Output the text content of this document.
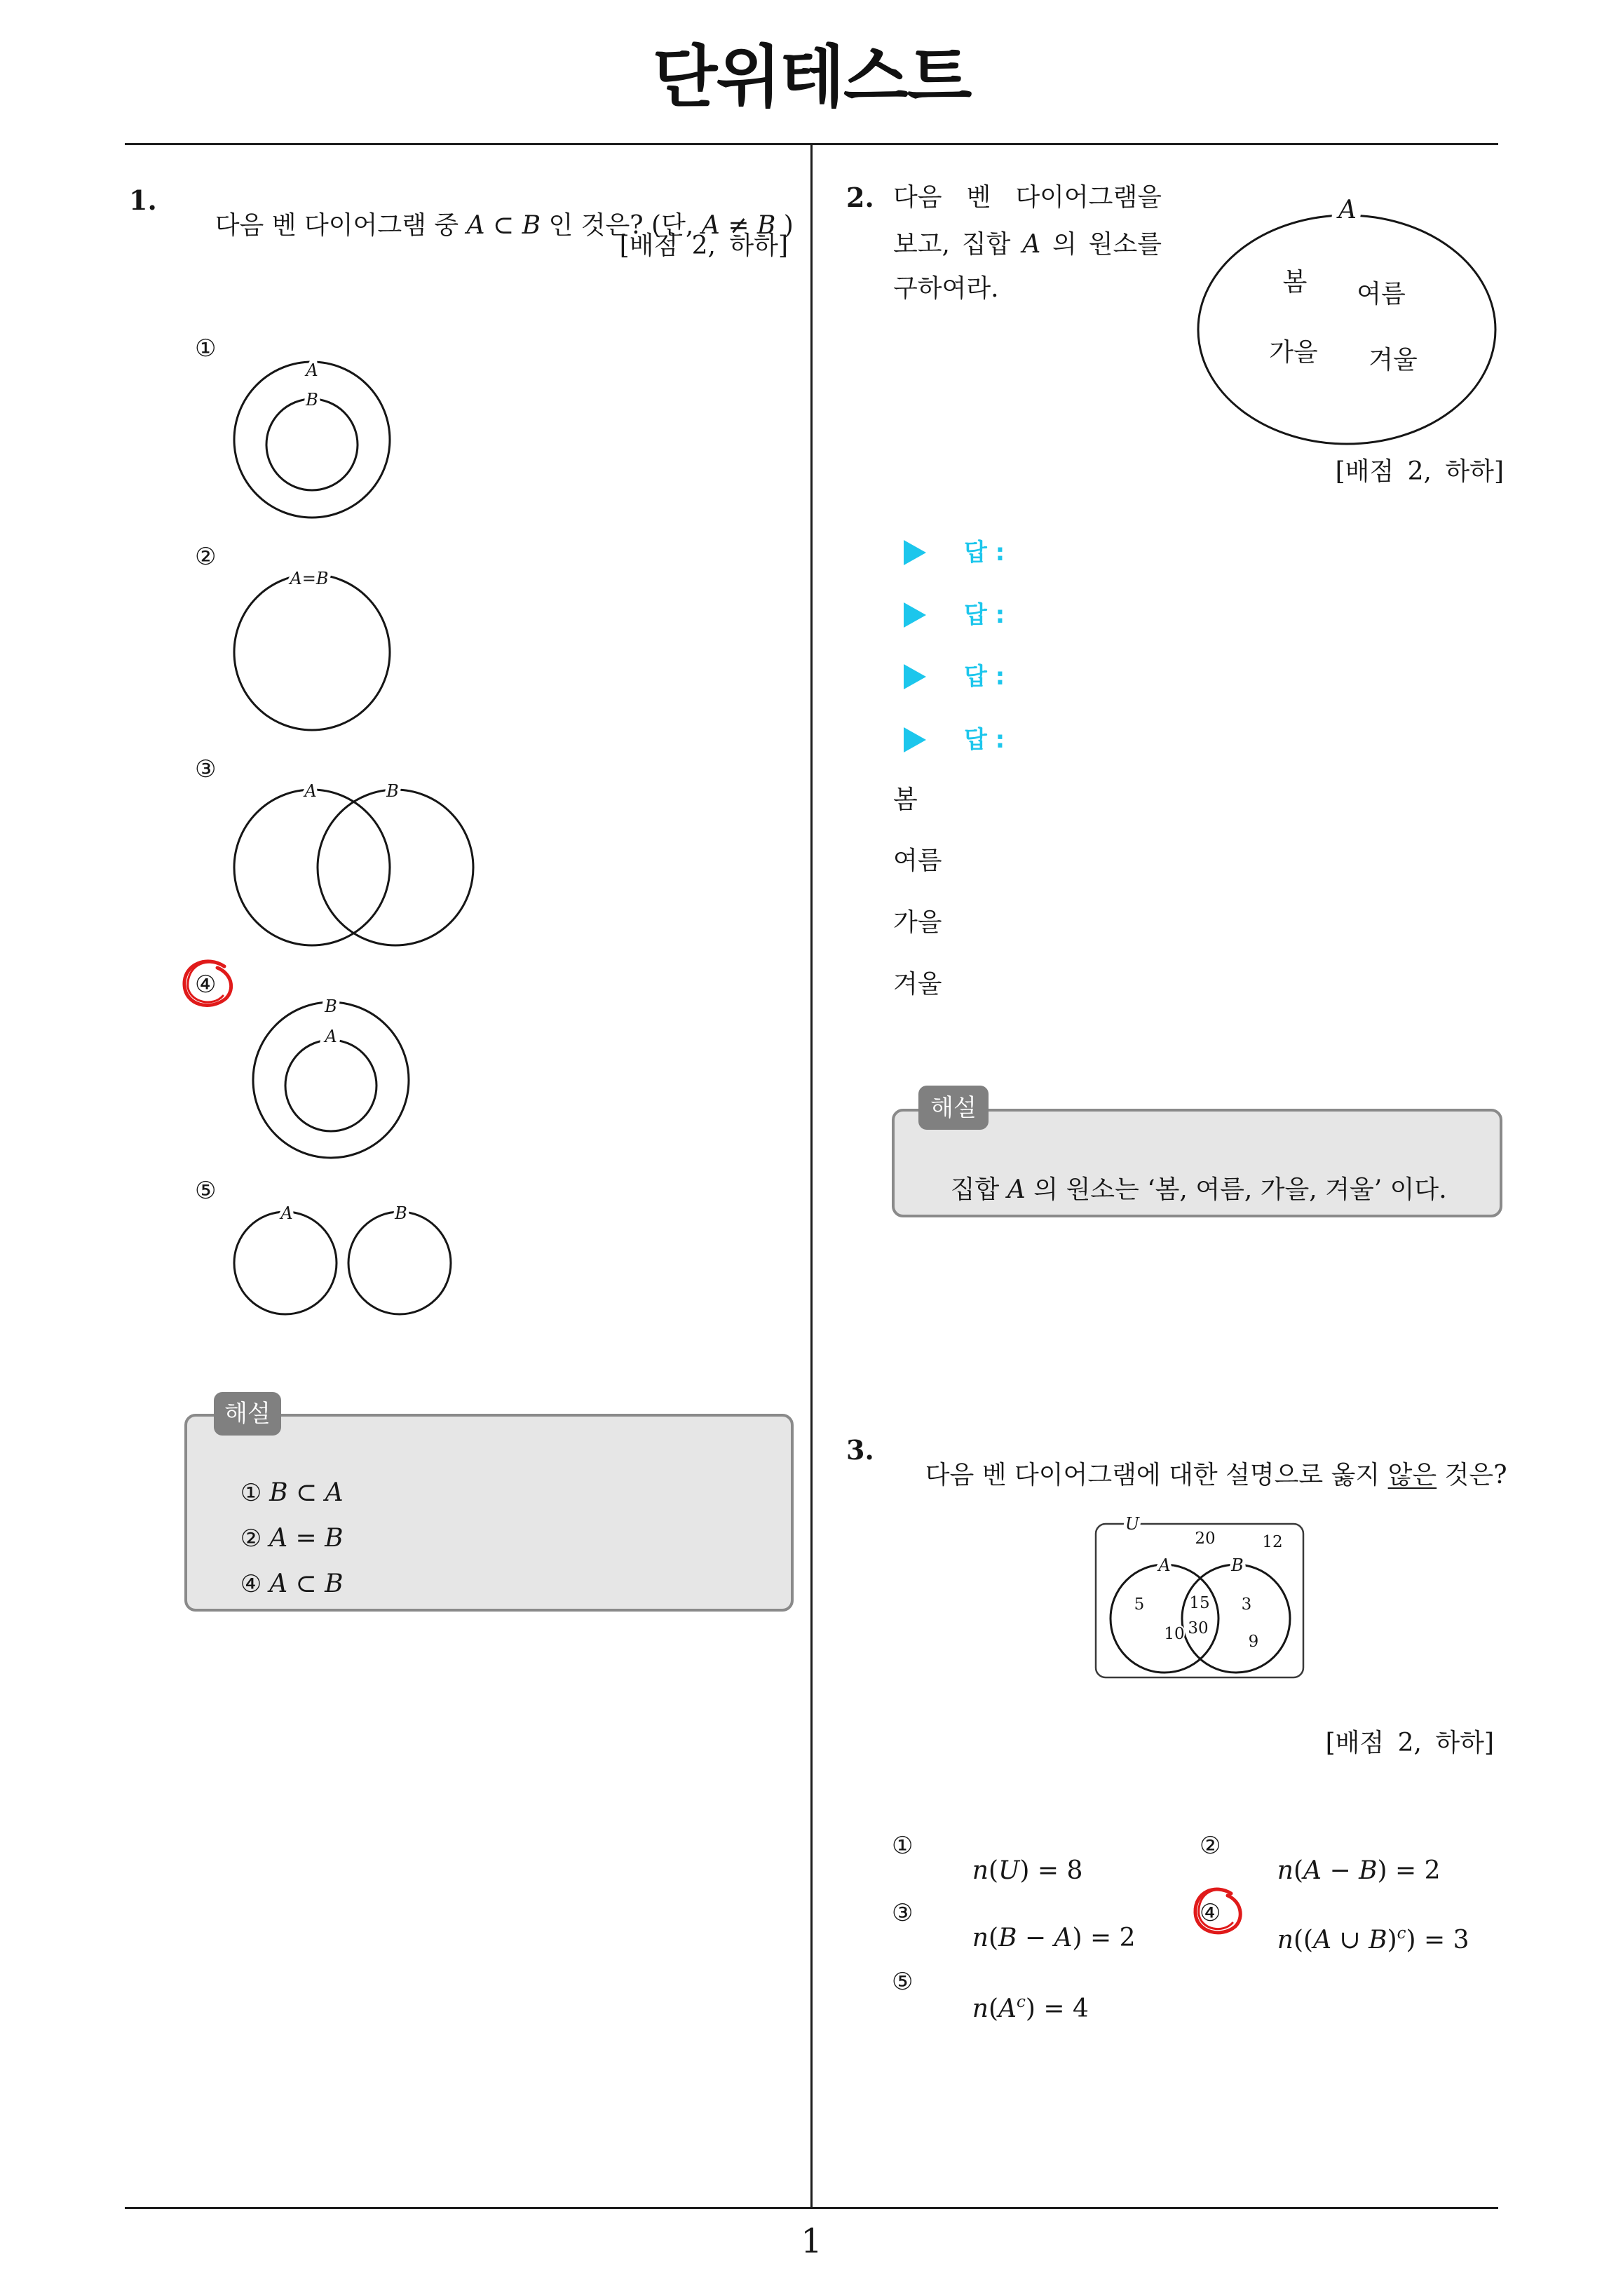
단위테스트
1
1.

다음 벤 다이어그램 중 A ⊂ B 인 것은? (단, A ≠ B )

[배점 2, 하하]
①
②
③
④
⑤
해설

① B ⊂ A

② A = B

④ A ⊂ B

2. 다음 벤 다이어그램을
보고, 집합 A 의 원소를
구하여라.
[배점 2, 하하]
답 :
답 :
답 :
답 :
봄
여름
가을
겨울
해설

집합 A 의 원소는 ‘봄, 여름, 가을, 겨울’ 이다.

3.

다음 벤 다이어그램에 대한 설명으로 옳지 않은 것은?

[배점 2, 하하]
①

n(U) = 8

②

n(A − B) = 2

③

n(B − A) = 2

④

n((A ∪ B)$^c$) = 3

⑤

$n(A^c) = 4$

A
B
A=B
A	B
B
A
A	B
A
봄 여름
가을 겨울
U
20	12
A	B
5
10
15
30
3
9
